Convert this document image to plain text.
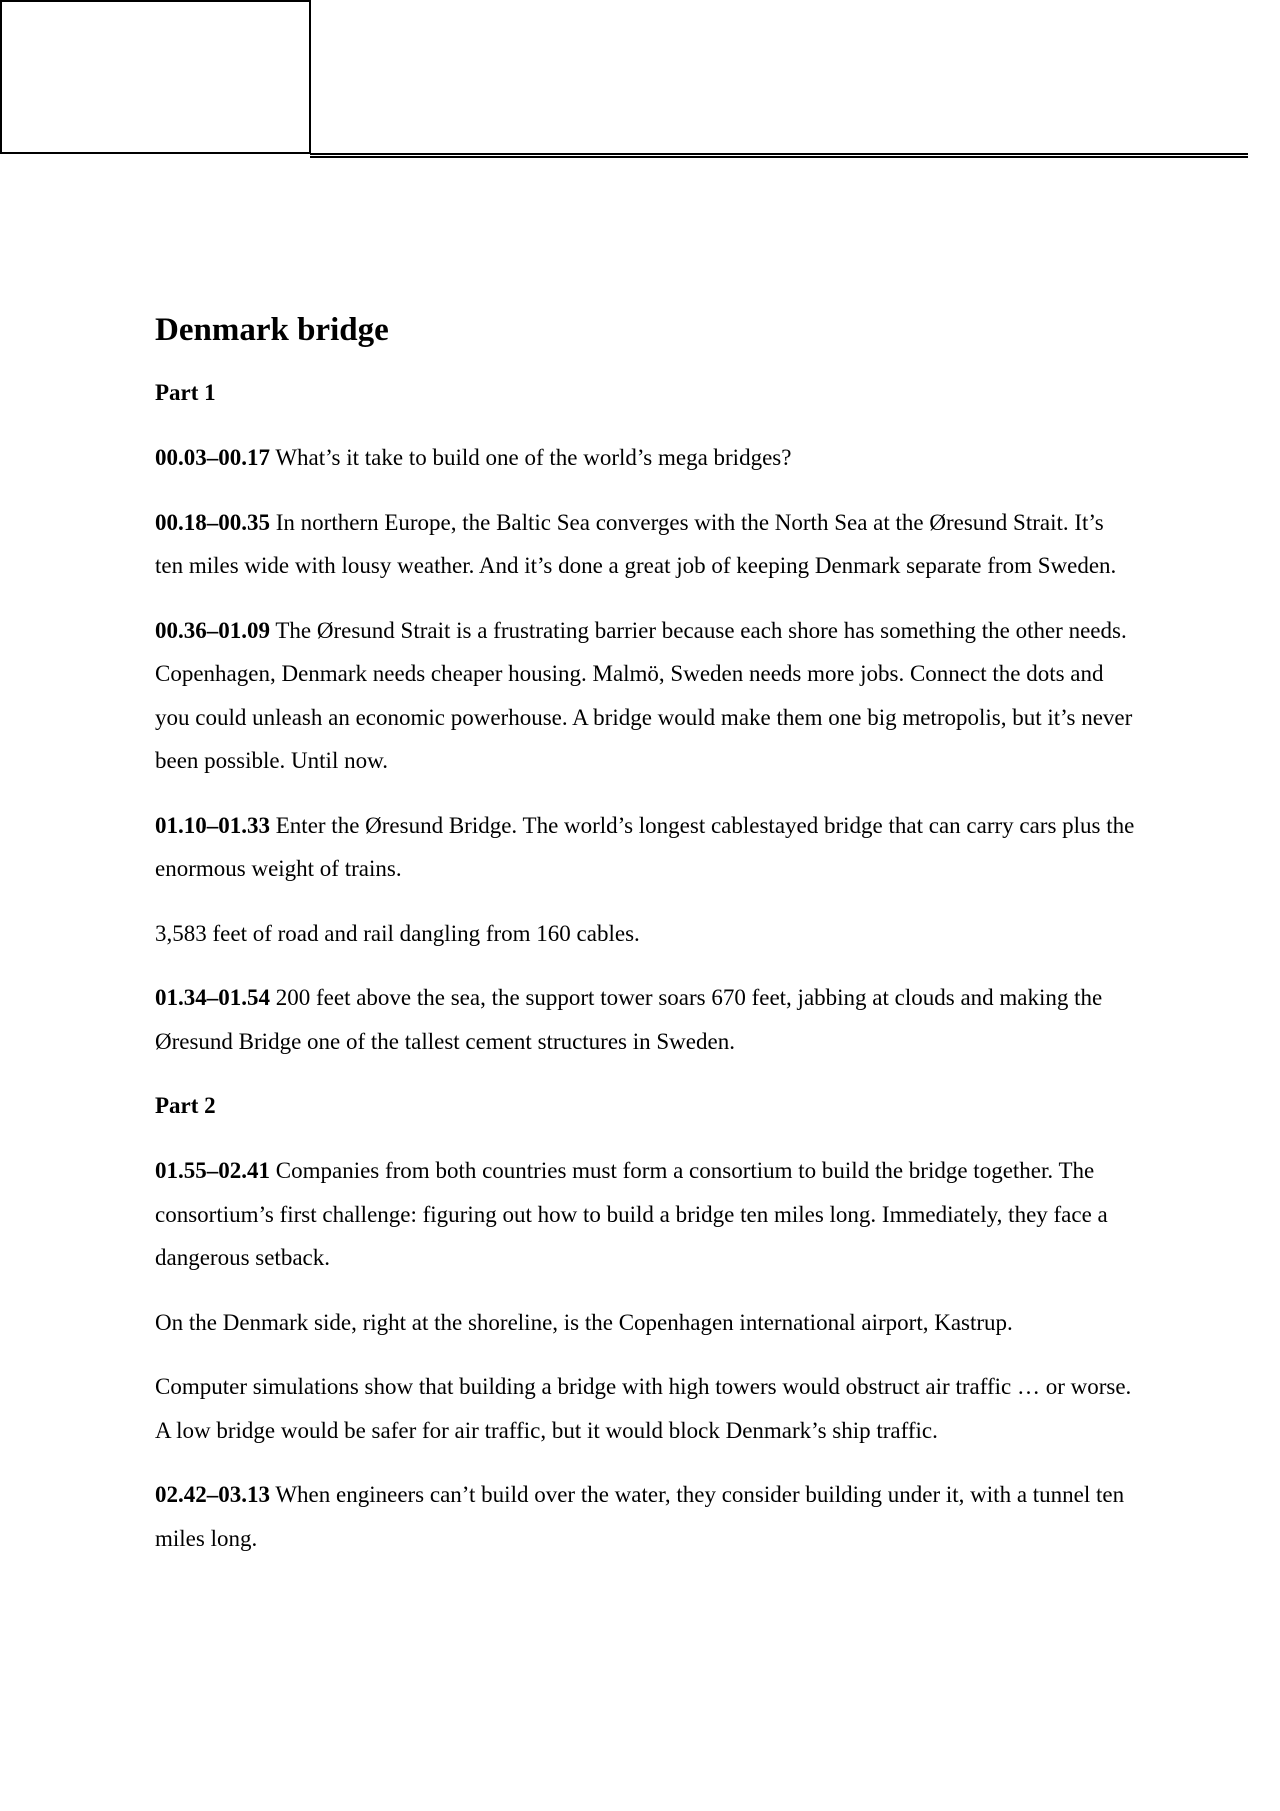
Denmark bridge
Part 1

00.03–00.17 What’s it take to build one of the world’s mega bridges?

00.18–00.35 In northern Europe, the Baltic Sea converges with the North Sea at the Øresund Strait. It’s ten miles wide with lousy weather. And it’s done a great job of keeping Denmark separate from Sweden.

00.36–01.09 The Øresund Strait is a frustrating barrier because each shore has something the other needs. Copenhagen, Denmark needs cheaper housing. Malmö, Sweden needs more jobs. Connect the dots and you could unleash an economic powerhouse. A bridge would make them one big metropolis, but it’s never been possible. Until now.

01.10–01.33 Enter the Øresund Bridge. The world’s longest cablestayed bridge that can carry cars plus the enormous weight of trains.

3,583 feet of road and rail dangling from 160 cables.

01.34–01.54 200 feet above the sea, the support tower soars 670 feet, jabbing at clouds and making the Øresund Bridge one of the tallest cement structures in Sweden.

Part 2

01.55–02.41 Companies from both countries must form a consortium to build the bridge together. The consortium’s first challenge: figuring out how to build a bridge ten miles long. Immediately, they face a dangerous setback.

On the Denmark side, right at the shoreline, is the Copenhagen international airport, Kastrup.

Computer simulations show that building a bridge with high towers would obstruct air traffic … or worse. A low bridge would be safer for air traffic, but it would block Denmark’s ship traffic.

02.42–03.13 When engineers can’t build over the water, they consider building under it, with a tunnel ten miles long.
